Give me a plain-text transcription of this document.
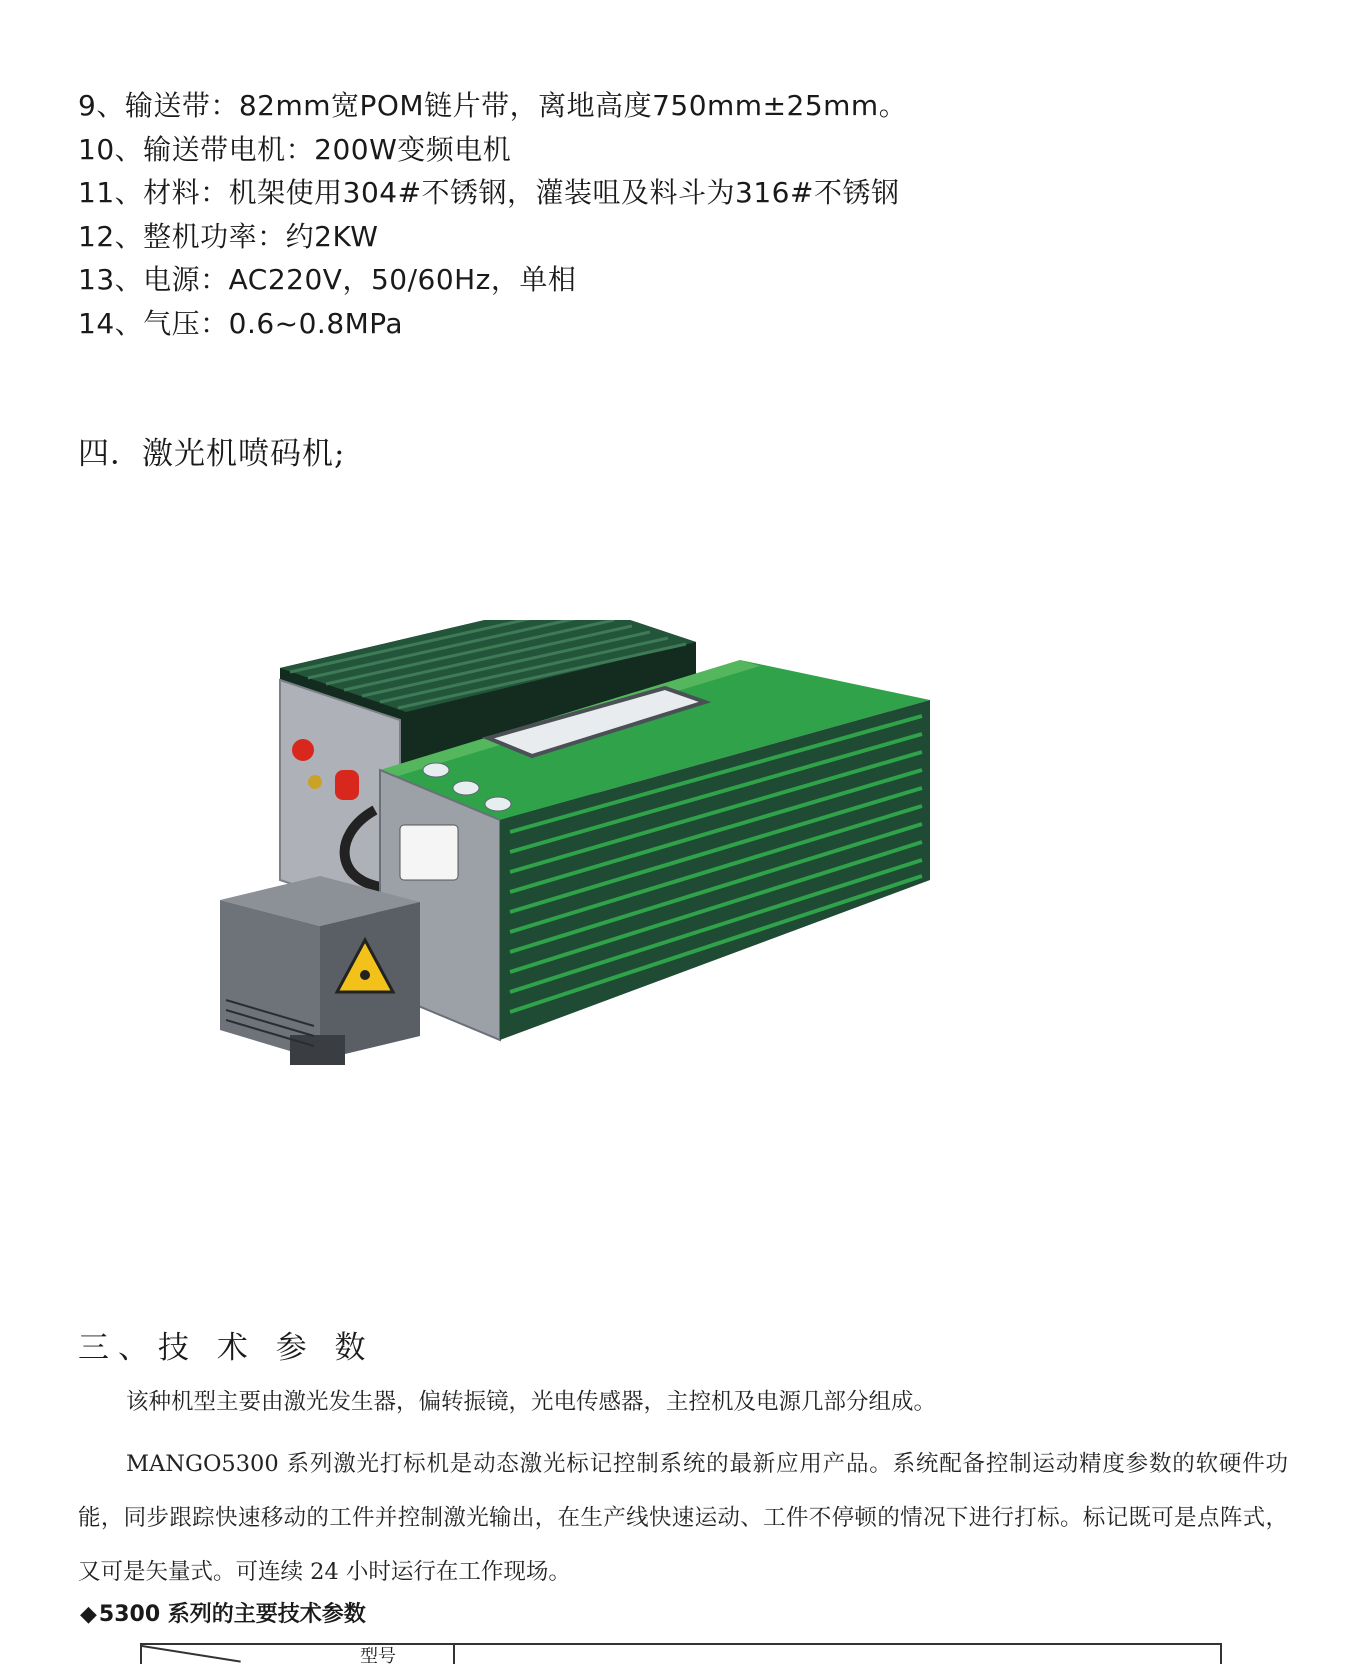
9、输送带：82mm宽POM链片带，离地高度750mm±25mm。
10、输送带电机：200W变频电机
11、材料：机架使用304#不锈钢，灌装咀及料斗为316#不锈钢
12、整机功率：约2KW
13、电源：AC220V，50/60Hz，单相
14、气压：0.6~0.8MPa
四．激光机喷码机;
三、技 术 参 数

该种机型主要由激光发生器，偏转振镜，光电传感器，主控机及电源几部分组成。

MANGO5300 系列激光打标机是动态激光标记控制系统的最新应用产品。系统配备控制运动精度参数的软硬件功能，同步跟踪快速移动的工件并控制激光输出，在生产线快速运动、工件不停顿的情况下进行打标。标记既可是点阵式，又可是矢量式。可连续 24 小时运行在工作现场。

◆5300 系列的主要技术参数

型号
